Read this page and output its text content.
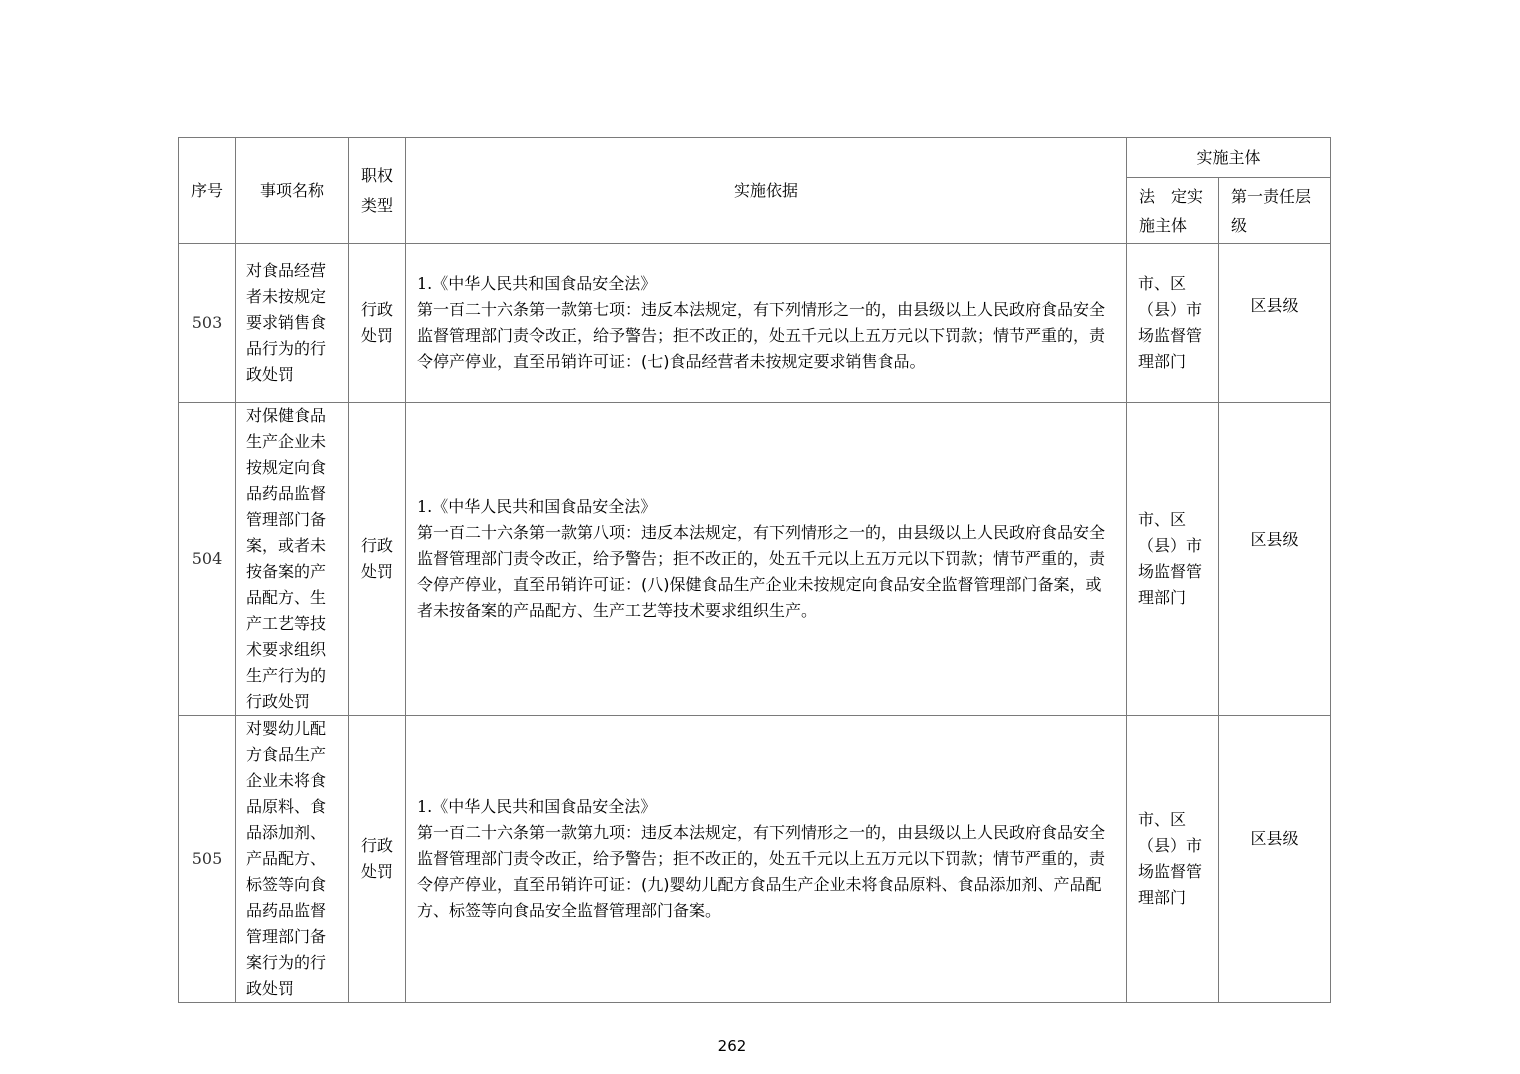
序号	事项名称	职权类型	实施依据	实施主体	

				法　定实施主体	第一责任层级

503	对食品经营者未按规定要求销售食品行为的行政处罚	行政处罚	1.《中华人民共和国食品安全法》
第一百二十六条第一款第七项：违反本法规定，有下列情形之一的，由县级以上人民政府食品安全监督管理部门责令改正，给予警告；拒不改正的，处五千元以上五万元以下罚款；情节严重的，责令停产停业，直至吊销许可证：(七)食品经营者未按规定要求销售食品。	市、区（县）市场监督管理部门	区县级

504	对保健食品生产企业未按规定向食品药品监督管理部门备案，或者未按备案的产品配方、生产工艺等技术要求组织生产行为的行政处罚	行政处罚	1.《中华人民共和国食品安全法》
第一百二十六条第一款第八项：违反本法规定，有下列情形之一的，由县级以上人民政府食品安全监督管理部门责令改正，给予警告；拒不改正的，处五千元以上五万元以下罚款；情节严重的，责令停产停业，直至吊销许可证：(八)保健食品生产企业未按规定向食品安全监督管理部门备案，或者未按备案的产品配方、生产工艺等技术要求组织生产。	市、区（县）市场监督管理部门	区县级

505	对婴幼儿配方食品生产企业未将食品原料、食品添加剂、产品配方、标签等向食品药品监督管理部门备案行为的行政处罚	行政处罚	1.《中华人民共和国食品安全法》
第一百二十六条第一款第九项：违反本法规定，有下列情形之一的，由县级以上人民政府食品安全监督管理部门责令改正，给予警告；拒不改正的，处五千元以上五万元以下罚款；情节严重的，责令停产停业，直至吊销许可证：(九)婴幼儿配方食品生产企业未将食品原料、食品添加剂、产品配方、标签等向食品安全监督管理部门备案。	市、区（县）市场监督管理部门	区县级
262
